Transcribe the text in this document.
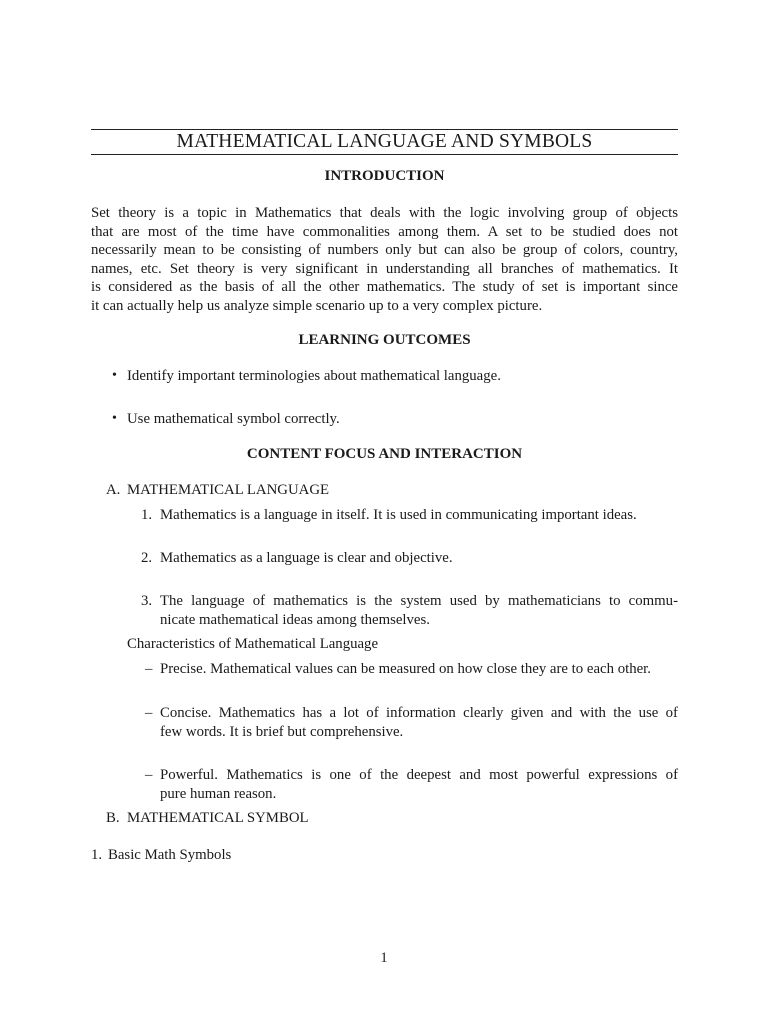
MATHEMATICAL LANGUAGE AND SYMBOLS
INTRODUCTION
Set theory is a topic in Mathematics that deals with the logic involving group of objects
that are most of the time have commonalities among them. A set to be studied does not
necessarily mean to be consisting of numbers only but can also be group of colors, country,
names, etc. Set theory is very significant in understanding all branches of mathematics. It
is considered as the basis of all the other mathematics. The study of set is important since
it can actually help us analyze simple scenario up to a very complex picture.
LEARNING OUTCOMES
• Identify important terminologies about mathematical language.
• Use mathematical symbol correctly.
CONTENT FOCUS AND INTERACTION
A. MATHEMATICAL LANGUAGE
1. Mathematics is a language in itself. It is used in communicating important ideas.
2. Mathematics as a language is clear and objective.
3. The language of mathematics is the system used by mathematicians to commu-
nicate mathematical ideas among themselves.
Characteristics of Mathematical Language
– Precise. Mathematical values can be measured on how close they are to each other.
– Concise. Mathematics has a lot of information clearly given and with the use of
few words. It is brief but comprehensive.
– Powerful. Mathematics is one of the deepest and most powerful expressions of
pure human reason.
B. MATHEMATICAL SYMBOL
1. Basic Math Symbols
1
